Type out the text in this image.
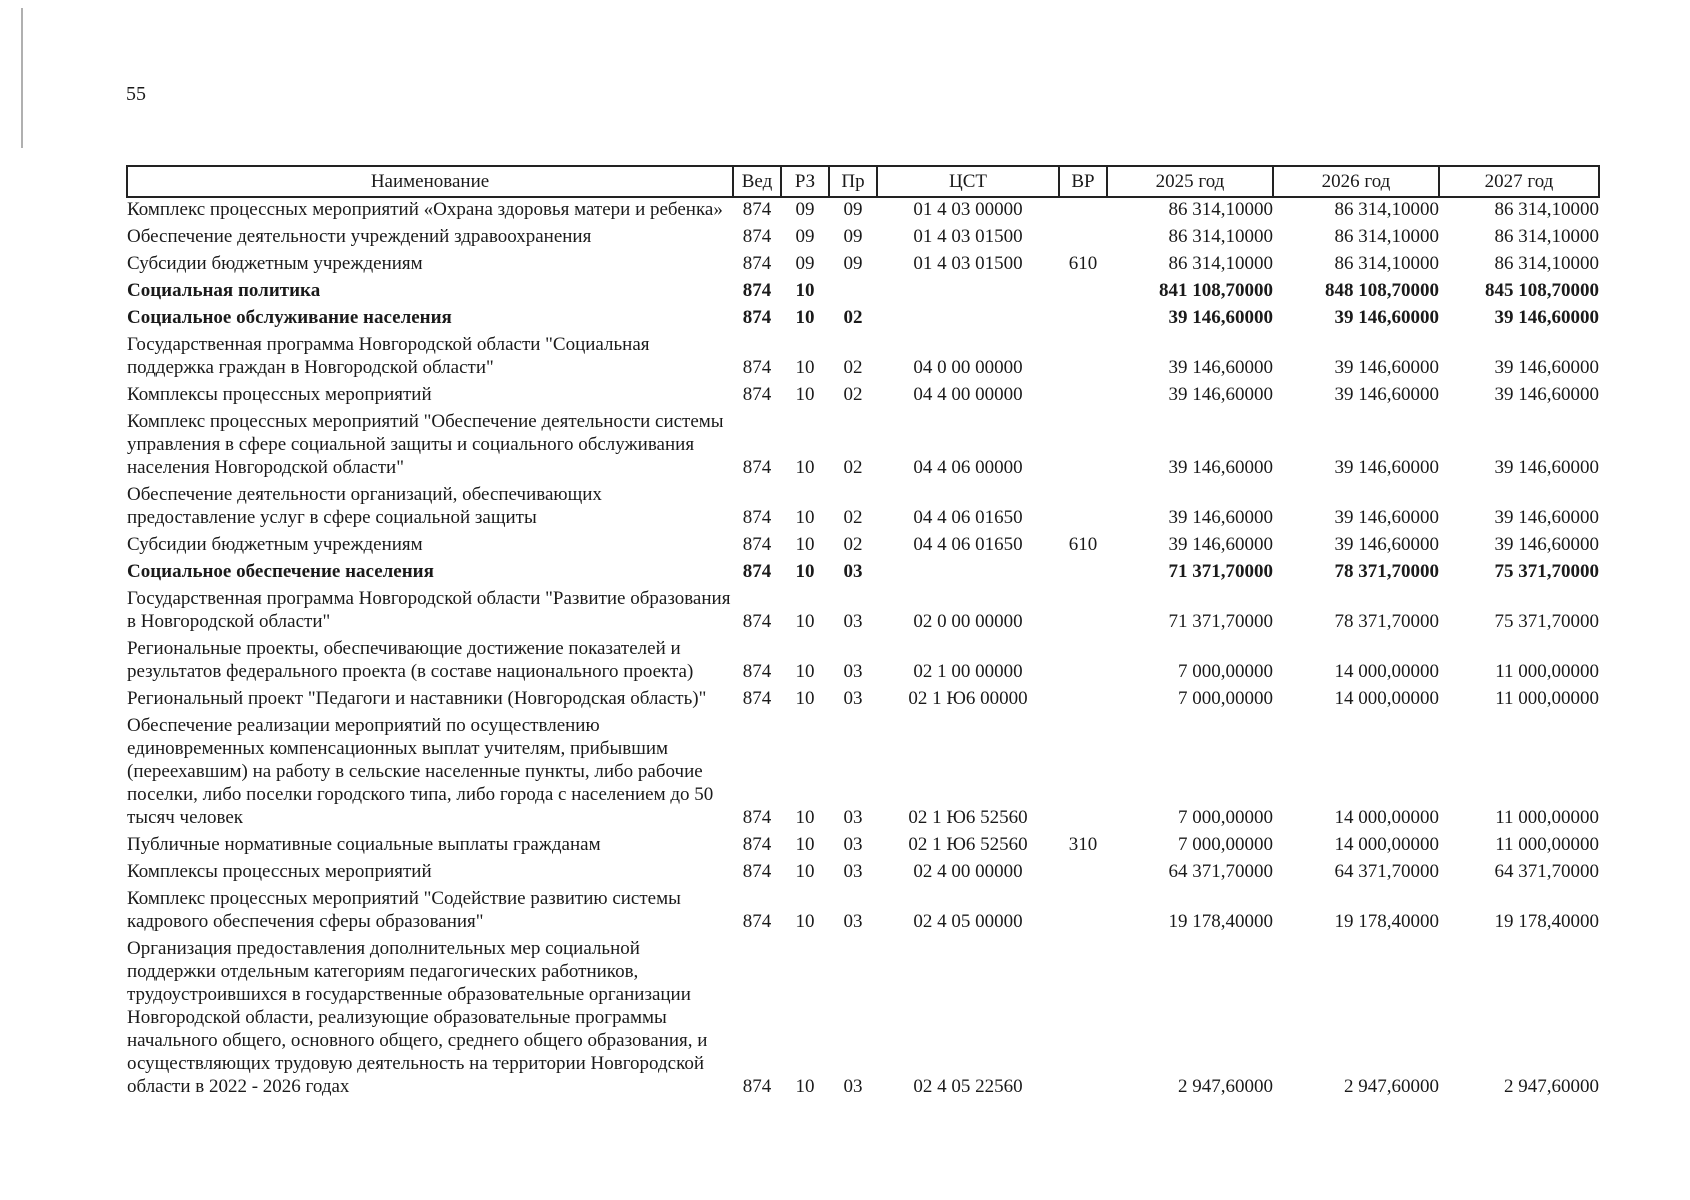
55
Наименование	Вед	РЗ	Пр	ЦСТ	ВР	2025 год	2026 год	2027 год
Комплекс процессных мероприятий «Охрана здоровья матери и ребенка»	874	09	09	01 4 03 00000		86 314,10000	86 314,10000	86 314,10000
Обеспечение деятельности учреждений здравоохранения	874	09	09	01 4 03 01500		86 314,10000	86 314,10000	86 314,10000
Субсидии бюджетным учреждениям	874	09	09	01 4 03 01500	610	86 314,10000	86 314,10000	86 314,10000
Социальная политика	874	10				841 108,70000	848 108,70000	845 108,70000
Социальное обслуживание населения	874	10	02			39 146,60000	39 146,60000	39 146,60000
Государственная программа Новгородской области "Социальная поддержка граждан в Новгородской области"	874	10	02	04 0 00 00000		39 146,60000	39 146,60000	39 146,60000
Комплексы процессных мероприятий	874	10	02	04 4 00 00000		39 146,60000	39 146,60000	39 146,60000
Комплекс процессных мероприятий "Обеспечение деятельности системы управления в сфере социальной защиты и социального обслуживания населения Новгородской области"	874	10	02	04 4 06 00000		39 146,60000	39 146,60000	39 146,60000
Обеспечение деятельности организаций, обеспечивающих предоставление услуг в сфере социальной защиты	874	10	02	04 4 06 01650		39 146,60000	39 146,60000	39 146,60000
Субсидии бюджетным учреждениям	874	10	02	04 4 06 01650	610	39 146,60000	39 146,60000	39 146,60000
Социальное обеспечение населения	874	10	03			71 371,70000	78 371,70000	75 371,70000
Государственная программа Новгородской области "Развитие образования в Новгородской области"	874	10	03	02 0 00 00000		71 371,70000	78 371,70000	75 371,70000
Региональные проекты, обеспечивающие достижение показателей и результатов федерального проекта (в составе национального проекта)	874	10	03	02 1 00 00000		7 000,00000	14 000,00000	11 000,00000
Региональный проект "Педагоги и наставники (Новгородская область)"	874	10	03	02 1 Ю6 00000		7 000,00000	14 000,00000	11 000,00000
Обеспечение реализации мероприятий по осуществлению единовременных компенсационных выплат учителям, прибывшим (переехавшим) на работу в сельские населенные пункты, либо рабочие поселки, либо поселки городского типа, либо города с населением до 50 тысяч человек	874	10	03	02 1 Ю6 52560		7 000,00000	14 000,00000	11 000,00000
Публичные нормативные социальные выплаты гражданам	874	10	03	02 1 Ю6 52560	310	7 000,00000	14 000,00000	11 000,00000
Комплексы процессных мероприятий	874	10	03	02 4 00 00000		64 371,70000	64 371,70000	64 371,70000
Комплекс процессных мероприятий "Содействие развитию системы кадрового обеспечения сферы образования"	874	10	03	02 4 05 00000		19 178,40000	19 178,40000	19 178,40000
Организация предоставления дополнительных мер социальной поддержки отдельным категориям педагогических работников, трудоустроившихся в государственные образовательные организации Новгородской области, реализующие образовательные программы начального общего, основного общего, среднего общего образования, и осуществляющих трудовую деятельность на территории Новгородской области в 2022 - 2026 годах	874	10	03	02 4 05 22560		2 947,60000	2 947,60000	2 947,60000
